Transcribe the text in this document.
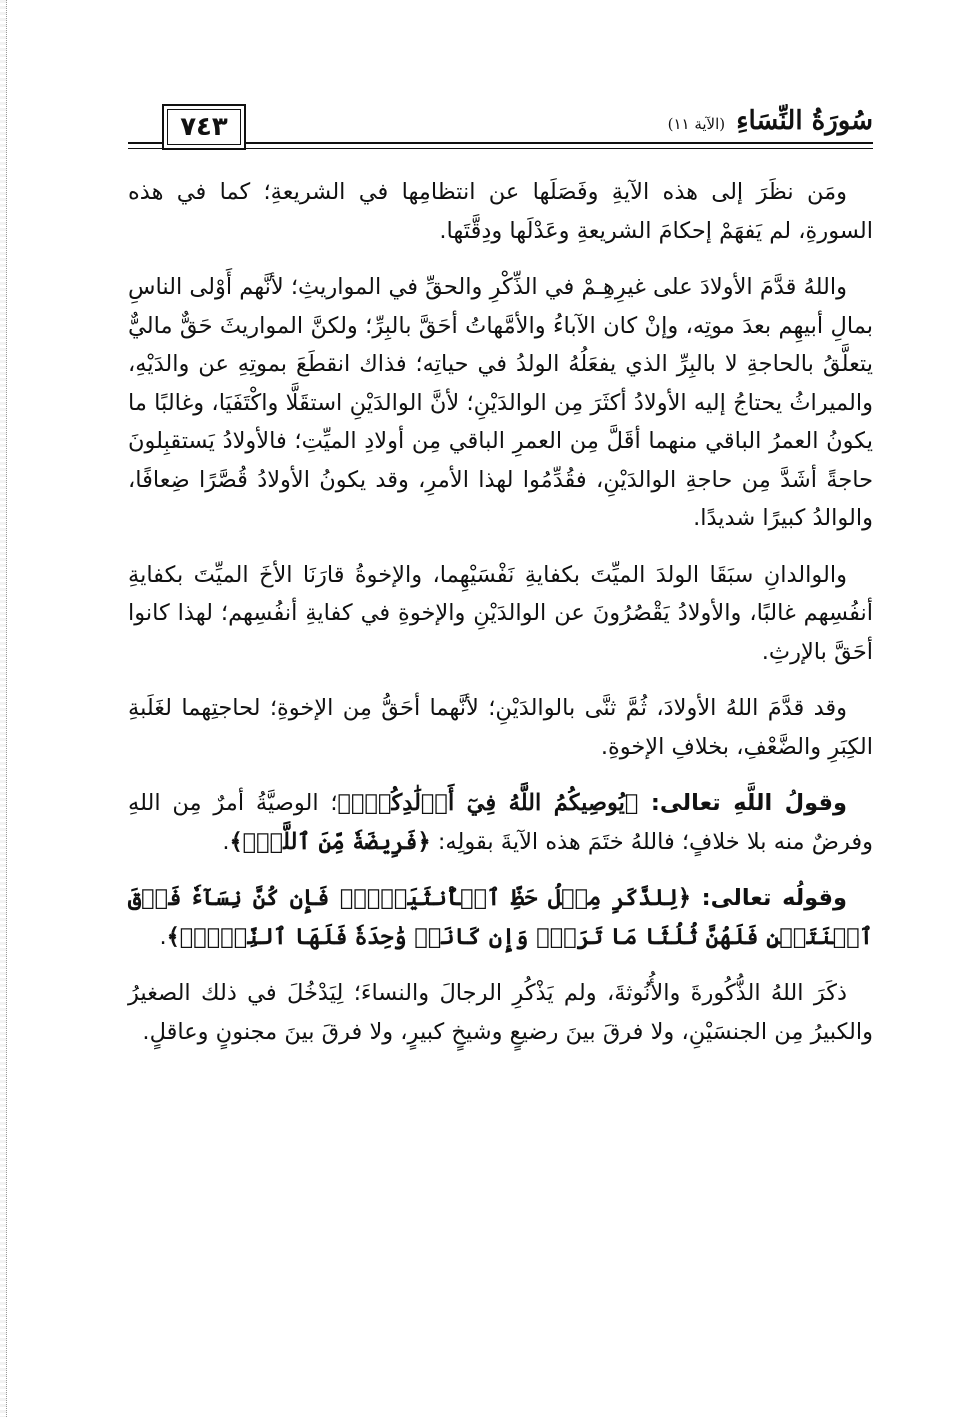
سُورَةُ النِّسَاءِ (الآية ١١)
٧٤٣

ومَن نظَرَ إلى هذه الآيةِ وفَصَلَها عن انتظامِها في الشريعةِ؛ كما في هذه السورةِ، لم يَفهَمْ إحكامَ الشريعةِ وعَدْلَها ودِقَّتَها.

واللهُ قدَّمَ الأولادَ على غيرِهِـمْ في الذِّكْرِ والحقِّ في المواريثِ؛ لأنَّهم أَوْلى الناسِ بمالِ أبيهِم بعدَ موتِه، وإنْ كان الآباءُ والأمَّهاتُ أحَقَّ بالبِرِّ؛ ولكنَّ المواريثَ حَقٌّ ماليٌّ يتعلَّقُ بالحاجةِ لا بالبِرِّ الذي يفعَلُهُ الولدُ في حياتِه؛ فذاك انقطَعَ بموتِهِ عن والدَيْهِ، والميراثُ يحتاجُ إليه الأولادُ أكثَرَ مِن الوالدَيْنِ؛ لأنَّ الوالدَيْنِ استقَلَّا واكْتَفَيَا، وغالبًا ما يكونُ العمرُ الباقي منهما أقَلَّ مِن العمرِ الباقي مِن أولادِ الميِّتِ؛ فالأولادُ يَستقبِلونَ حاجةً أشَدَّ مِن حاجةِ الوالدَيْنِ، فقُدِّمُوا لهذا الأمرِ، وقد يكونُ الأولادُ قُصَّرًا ضِعافًا، والوالدُ كبيرًا شديدًا.

والوالدانِ سبَقَا الولدَ الميِّتَ بكفايةِ نَفْسَيْهِما، والإخوةُ قارَنَا الأخَ الميِّتَ بكفايةِ أنفُسِهم غالبًا، والأولادُ يَقْصُرُونَ عن الوالدَيْنِ والإخوةِ في كفايةِ أنفُسِهم؛ لهذا كانوا أحَقَّ بالإرثِ.

وقد قدَّمَ اللهُ الأولادَ، ثُمَّ ثنَّى بالوالدَيْنِ؛ لأنَّهما أحَقُّ مِن الإخوةِ؛ لحاجتِهما لغَلَبةِ الكِبَرِ والضَّعْفِ، بخلافِ الإخوةِ.

وقولُ اللَّهِ تعالى: ﴿يُوصِيكُمُ اللَّهُ فِيٓ أَوۡلَٰدِكُمۡۖ﴾؛ الوصيَّةُ أمرٌ مِن اللهِ وفرضٌ منه بلا خلافٍ؛ فاللهُ ختَمَ هذه الآيةَ بقولِه: ﴿فَرِيضَةٗ مِّنَ ٱللَّهِۗ﴾.

وقولُه تعالى: ﴿لِلذَّكَرِ مِثۡلُ حَظِّ ٱلۡأُنثَيَيۡنِۚ فَإِن كُنَّ نِسَآءٗ فَوۡقَ ٱثۡنَتَيۡنِ فَلَهُنَّ ثُلُثَا مَا تَرَكَۖ وَإِن كَانَتۡ وَٰحِدَةٗ فَلَهَا ٱلنِّصۡفُۚ﴾.

ذكَرَ اللهُ الذُّكُورةَ والأُنُوثةَ، ولم يَذْكُرِ الرجالَ والنساءَ؛ لِيَدْخُلَ في ذلك الصغيرُ والكبيرُ مِن الجنسَيْنِ، ولا فرقَ بينَ رضيعٍ وشيخٍ كبيرٍ، ولا فرقَ بينَ مجنونٍ وعاقلٍ.
